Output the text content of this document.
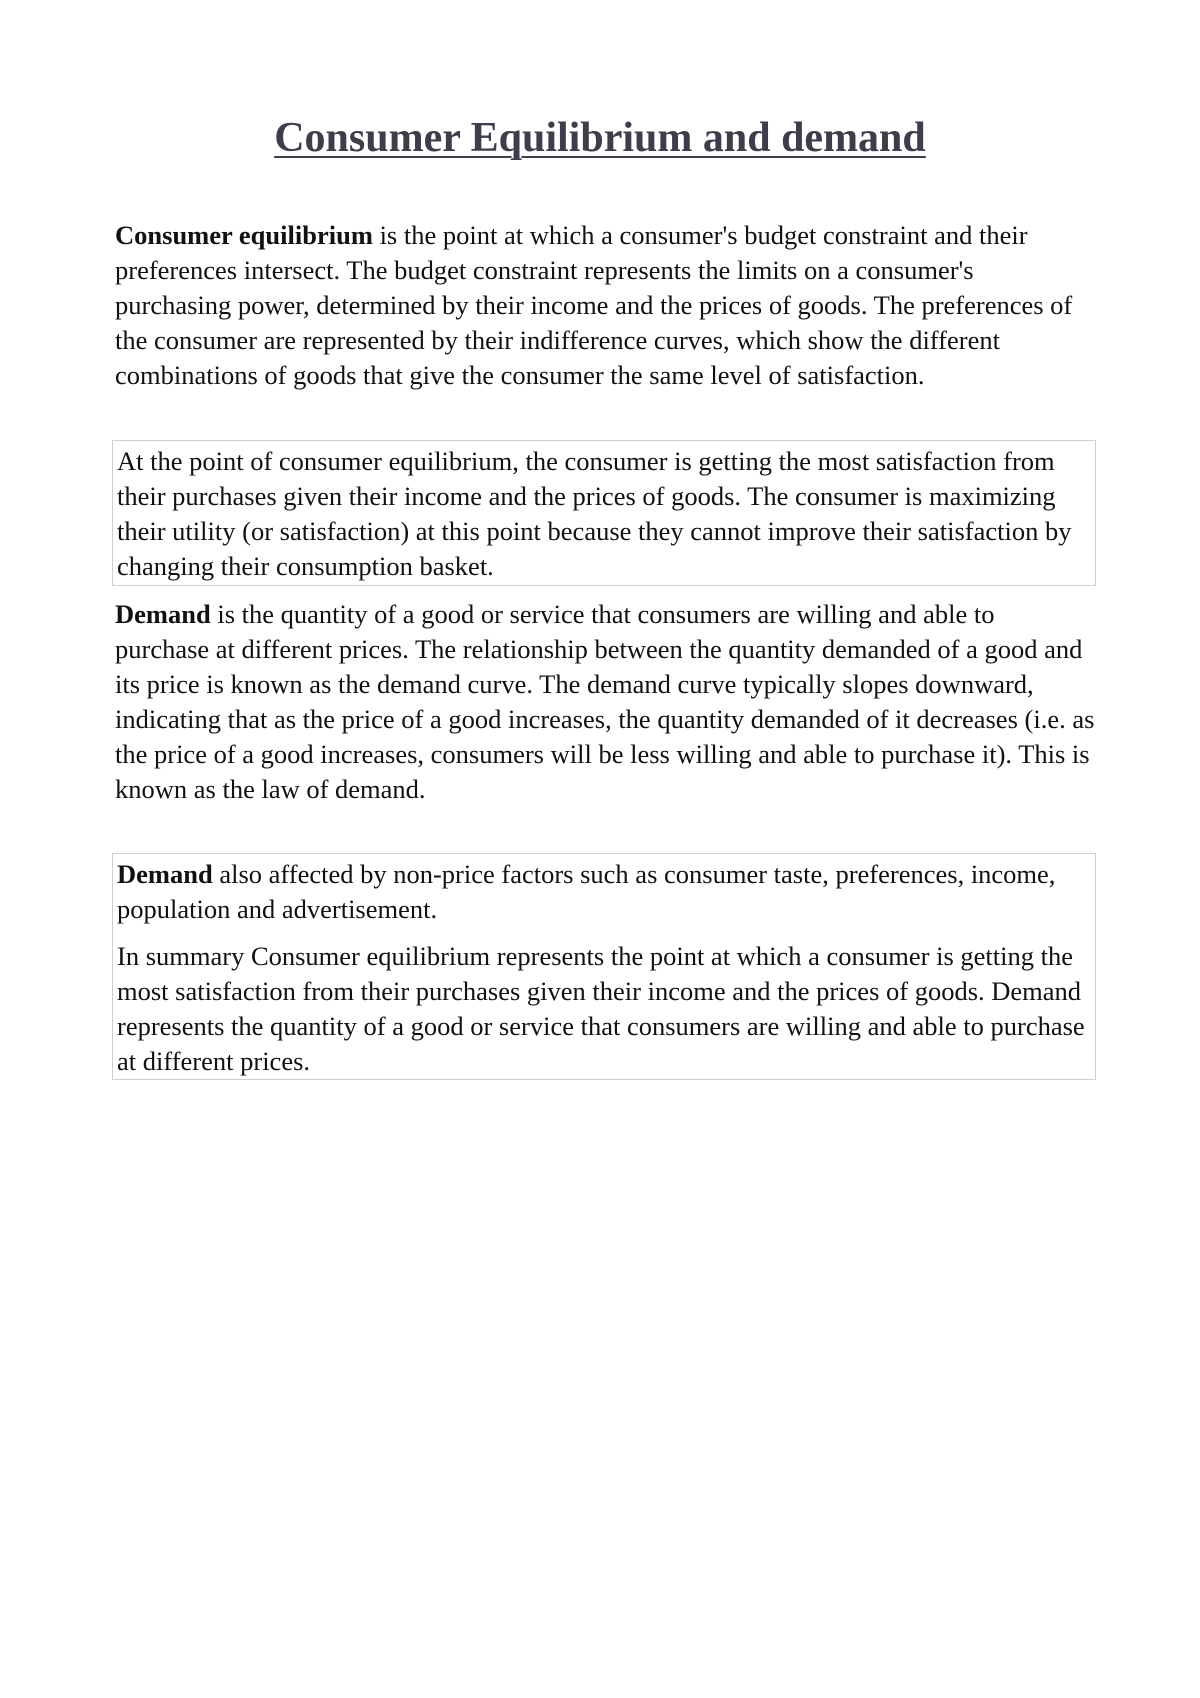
Consumer Equilibrium and demand

Consumer equilibrium is the point at which a consumer's budget constraint and their preferences intersect. The budget constraint represents the limits on a consumer's purchasing power, determined by their income and the prices of goods. The preferences of the consumer are represented by their indifference curves, which show the different combinations of goods that give the consumer the same level of satisfaction.

At the point of consumer equilibrium, the consumer is getting the most satisfaction from their purchases given their income and the prices of goods. The consumer is maximizing their utility (or satisfaction) at this point because they cannot improve their satisfaction by changing their consumption basket.

Demand is the quantity of a good or service that consumers are willing and able to purchase at different prices. The relationship between the quantity demanded of a good and its price is known as the demand curve. The demand curve typically slopes downward, indicating that as the price of a good increases, the quantity demanded of it decreases (i.e. as the price of a good increases, consumers will be less willing and able to purchase it). This is known as the law of demand.

Demand also affected by non-price factors such as consumer taste, preferences, income, population and advertisement.
In summary Consumer equilibrium represents the point at which a consumer is getting the most satisfaction from their purchases given their income and the prices of goods. Demand represents the quantity of a good or service that consumers are willing and able to purchase at different prices.
